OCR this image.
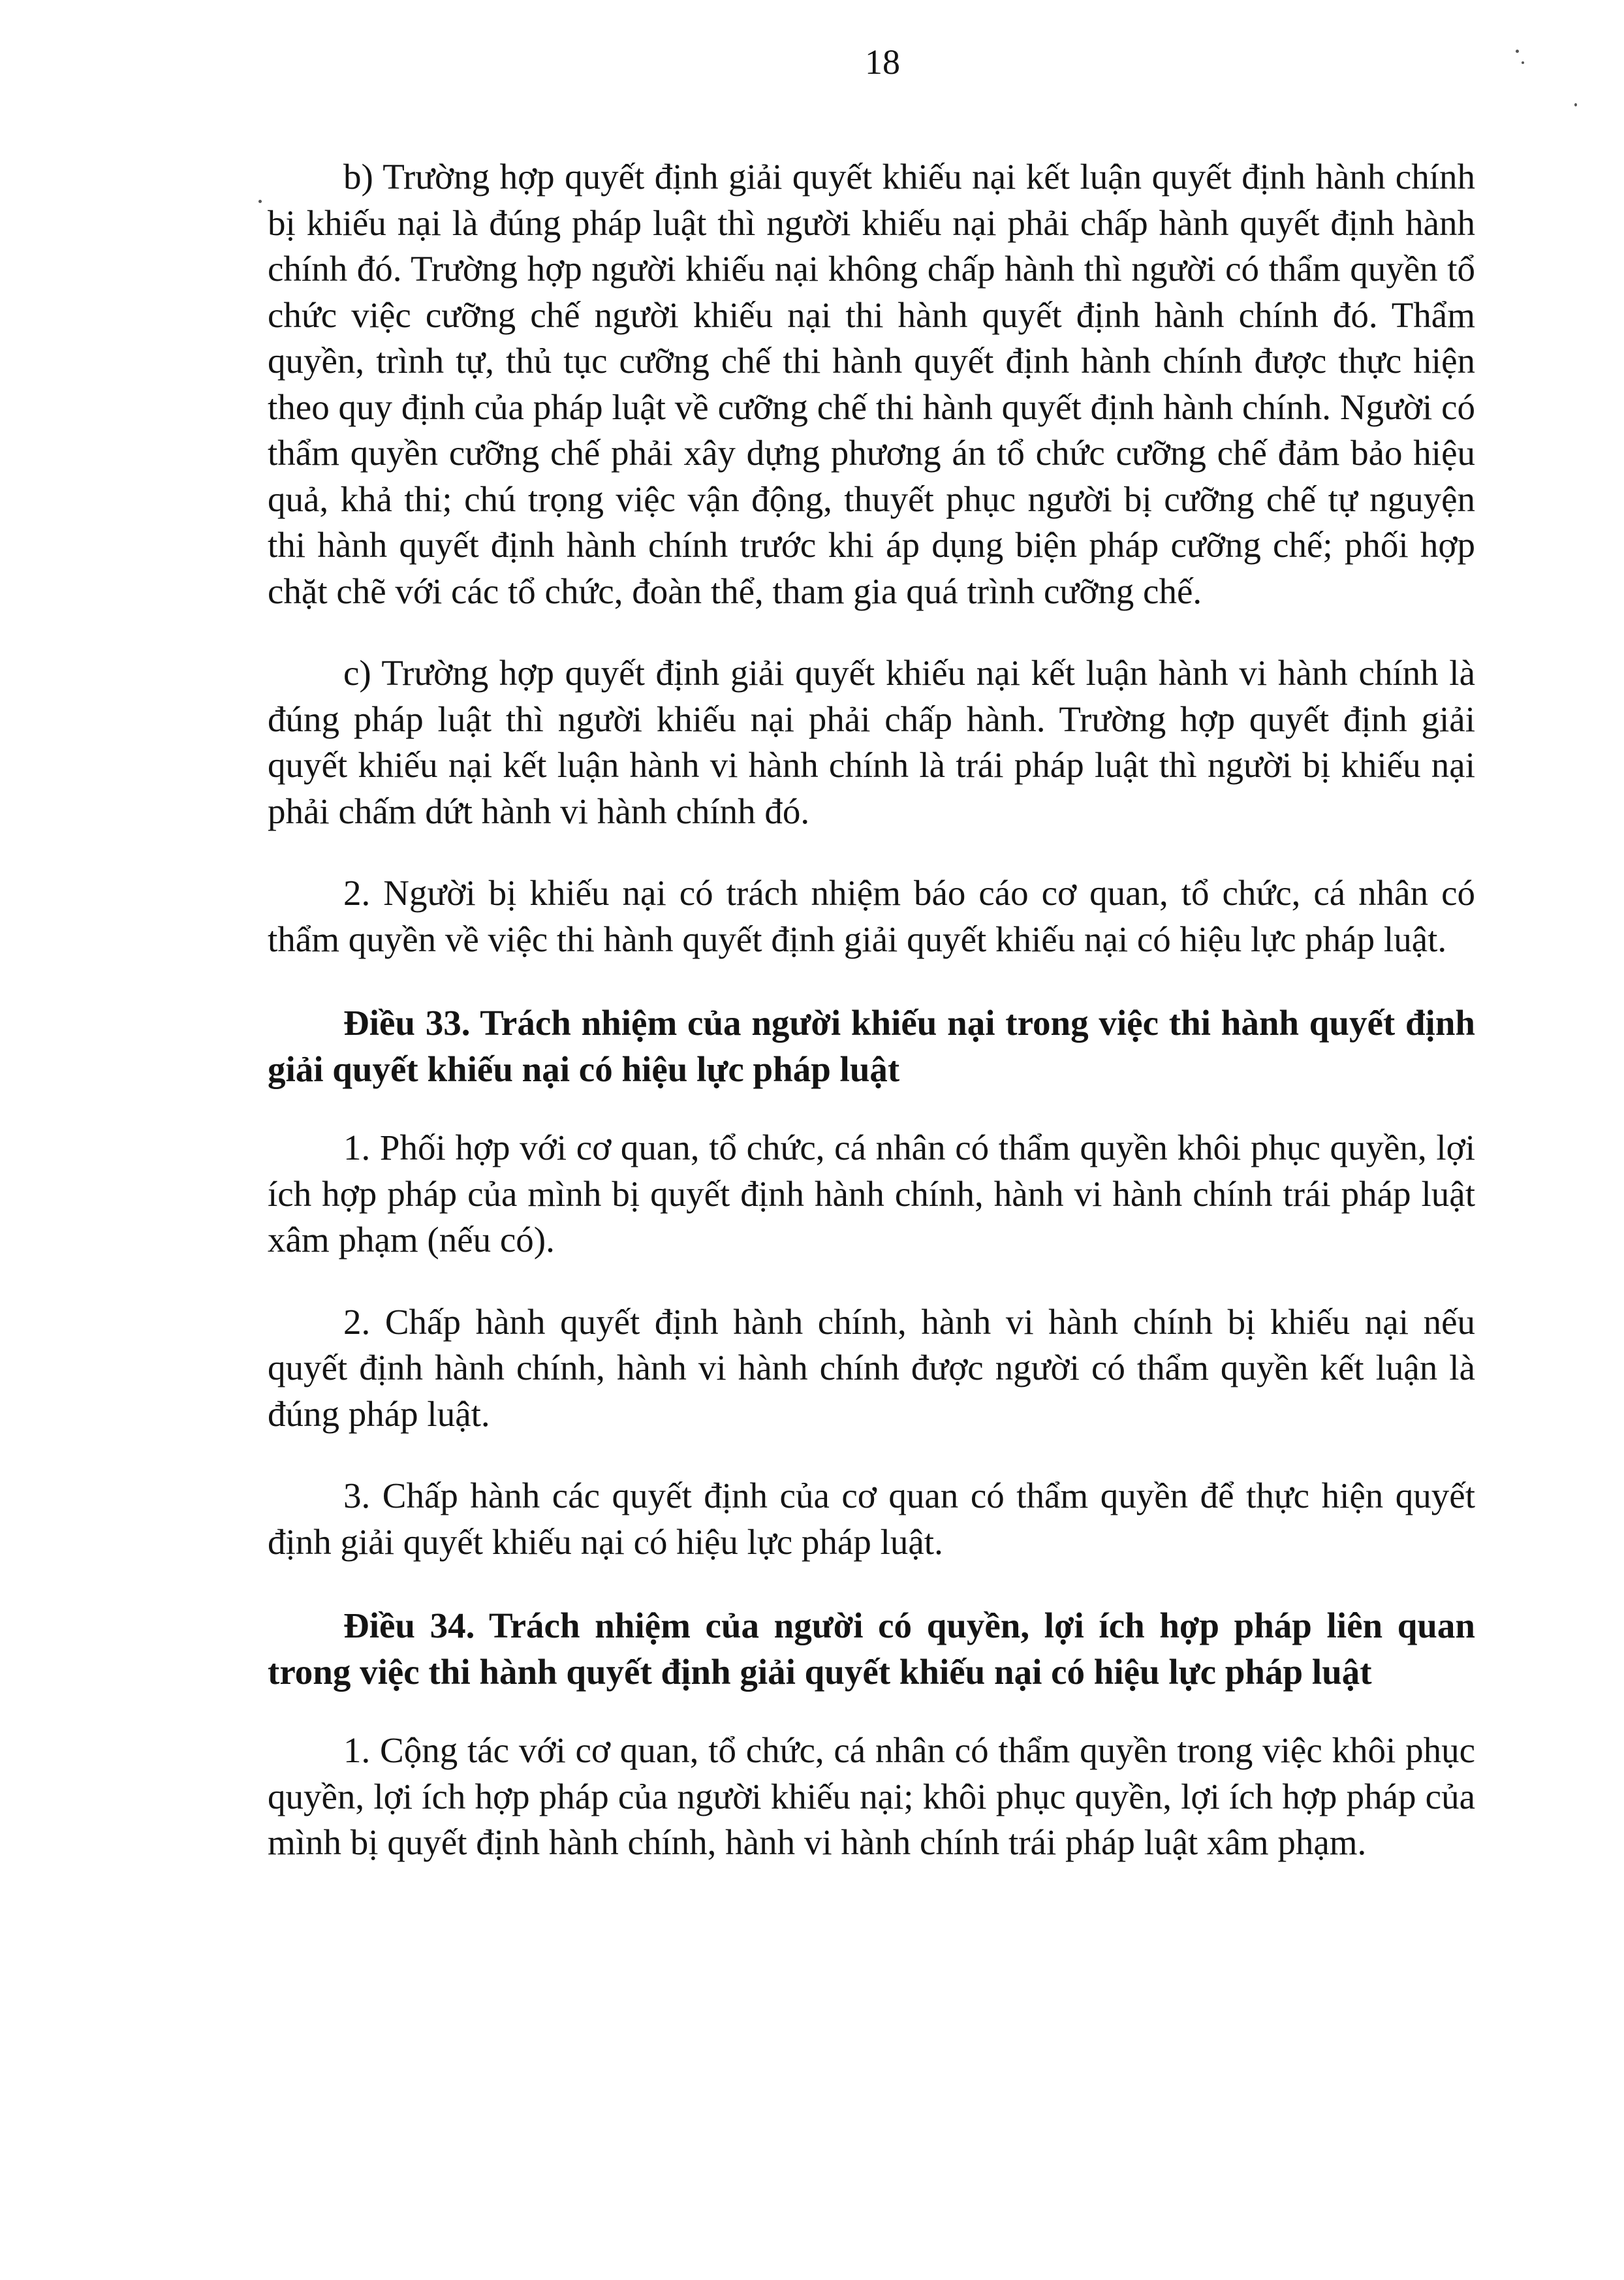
18

b) Trường hợp quyết định giải quyết khiếu nại kết luận quyết định hành chính bị khiếu nại là đúng pháp luật thì người khiếu nại phải chấp hành quyết định hành chính đó. Trường hợp người khiếu nại không chấp hành thì người có thẩm quyền tổ chức việc cưỡng chế người khiếu nại thi hành quyết định hành chính đó. Thẩm quyền, trình tự, thủ tục cưỡng chế thi hành quyết định hành chính được thực hiện theo quy định của pháp luật về cưỡng chế thi hành quyết định hành chính. Người có thẩm quyền cưỡng chế phải xây dựng phương án tổ chức cưỡng chế đảm bảo hiệu quả, khả thi; chú trọng việc vận động, thuyết phục người bị cưỡng chế tự nguyện thi hành quyết định hành chính trước khi áp dụng biện pháp cưỡng chế; phối hợp chặt chẽ với các tổ chức, đoàn thể, tham gia quá trình cưỡng chế.

c) Trường hợp quyết định giải quyết khiếu nại kết luận hành vi hành chính là đúng pháp luật thì người khiếu nại phải chấp hành. Trường hợp quyết định giải quyết khiếu nại kết luận hành vi hành chính là trái pháp luật thì người bị khiếu nại phải chấm dứt hành vi hành chính đó.

2. Người bị khiếu nại có trách nhiệm báo cáo cơ quan, tổ chức, cá nhân có thẩm quyền về việc thi hành quyết định giải quyết khiếu nại có hiệu lực pháp luật.

Điều 33. Trách nhiệm của người khiếu nại trong việc thi hành quyết định giải quyết khiếu nại có hiệu lực pháp luật

1. Phối hợp với cơ quan, tổ chức, cá nhân có thẩm quyền khôi phục quyền, lợi ích hợp pháp của mình bị quyết định hành chính, hành vi hành chính trái pháp luật xâm phạm (nếu có).

2. Chấp hành quyết định hành chính, hành vi hành chính bị khiếu nại nếu quyết định hành chính, hành vi hành chính được người có thẩm quyền kết luận là đúng pháp luật.

3. Chấp hành các quyết định của cơ quan có thẩm quyền để thực hiện quyết định giải quyết khiếu nại có hiệu lực pháp luật.

Điều 34. Trách nhiệm của người có quyền, lợi ích hợp pháp liên quan trong việc thi hành quyết định giải quyết khiếu nại có hiệu lực pháp luật

1. Cộng tác với cơ quan, tổ chức, cá nhân có thẩm quyền trong việc khôi phục quyền, lợi ích hợp pháp của người khiếu nại; khôi phục quyền, lợi ích hợp pháp của mình bị quyết định hành chính, hành vi hành chính trái pháp luật xâm phạm.
